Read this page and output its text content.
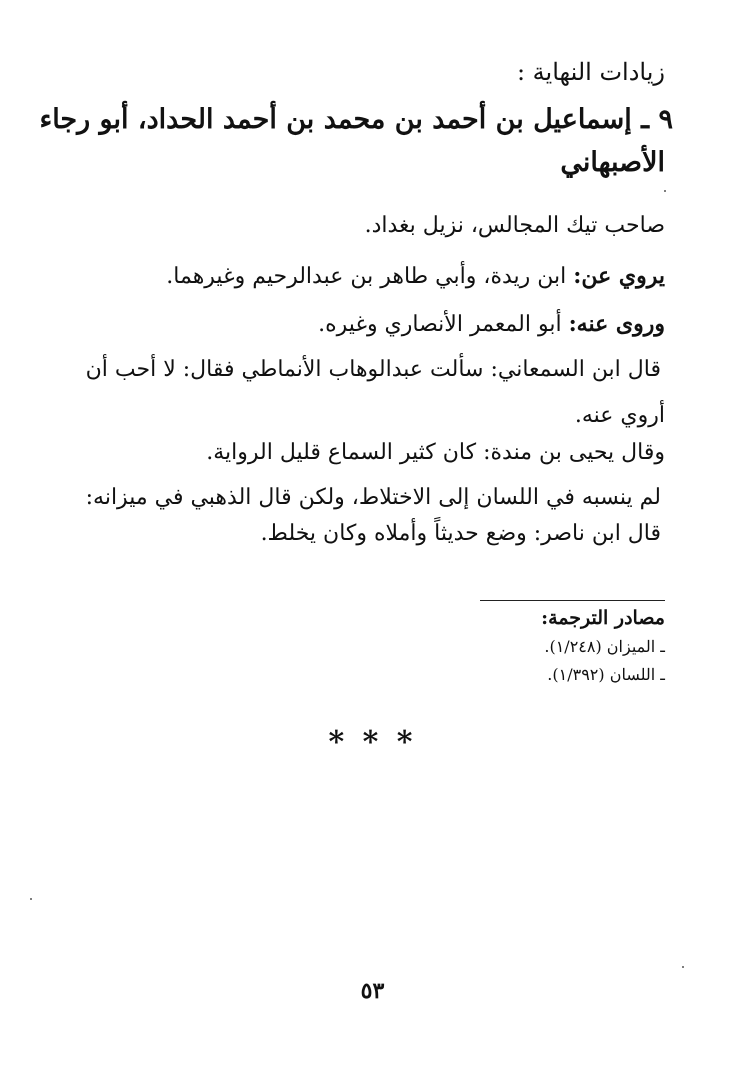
زيادات النهاية :
٩ ـ إسماعيل بن أحمد بن محمد بن أحمد الحداد، أبو رجاء
الأصبهاني
صاحب تيك المجالس، نزيل بغداد.
يروي عن: ابن ريدة، وأبي طاهر بن عبدالرحيم وغيرهما.
وروى عنه: أبو المعمر الأنصاري وغيره.
قال ابن السمعاني: سألت عبدالوهاب الأنماطي فقال: لا أحب أن
أروي عنه.
وقال يحيى بن مندة: كان كثير السماع قليل الرواية.
لم ينسبه في اللسان إلى الاختلاط، ولكن قال الذهبي في ميزانه:
قال ابن ناصر: وضع حديثاً وأملاه وكان يخلط.
مصادر الترجمة:
ـ الميزان (١/٢٤٨).
ـ اللسان (١/٣٩٢).
* * *
٥٣
